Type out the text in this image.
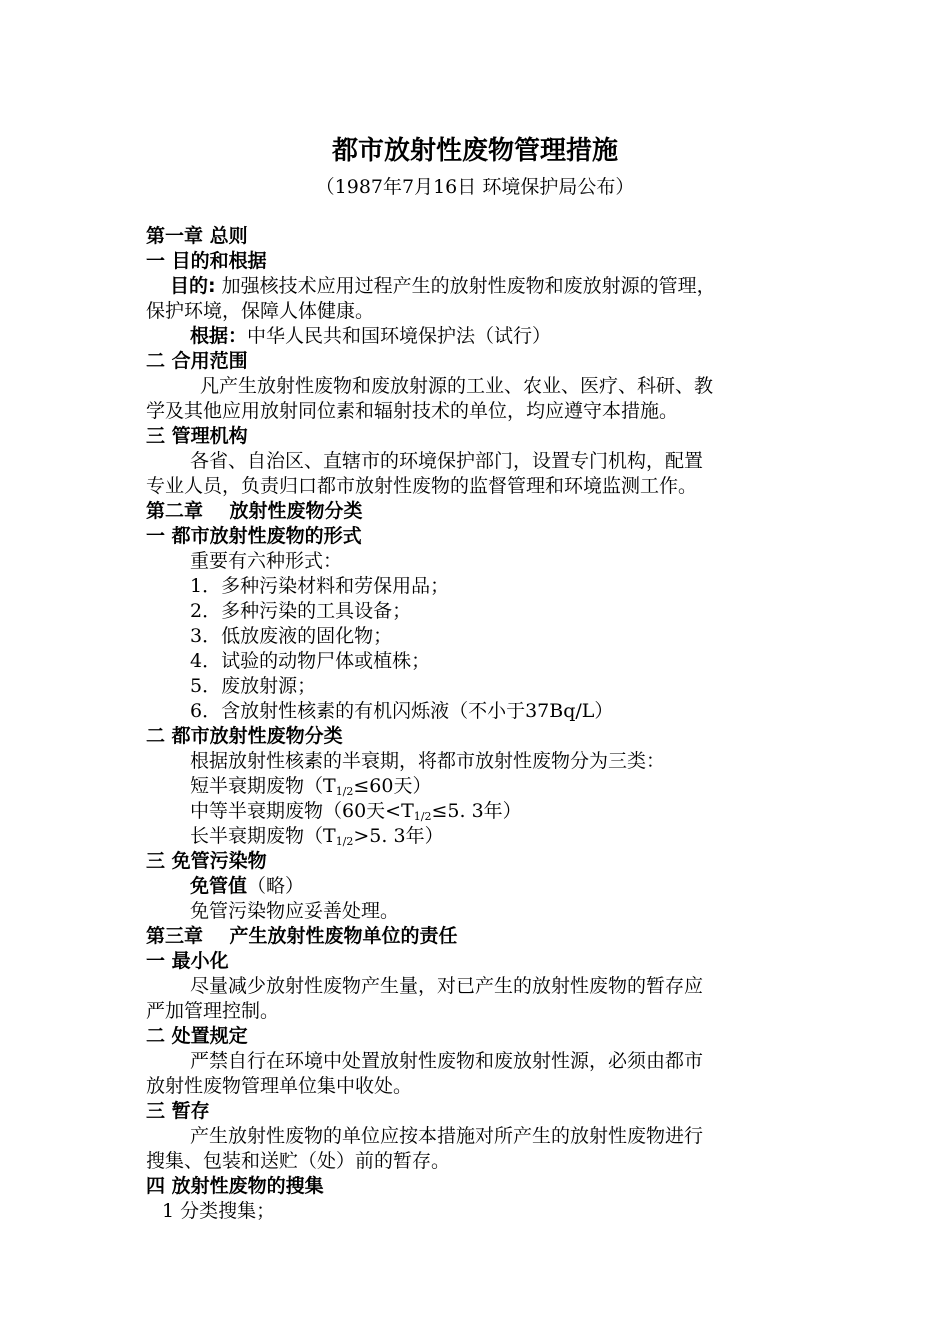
都市放射性废物管理措施
（1987年7月16日 环境保护局公布）
第一章 总则
一 目的和根据
目的: 加强核技术应用过程产生的放射性废物和废放射源的管理，
保护环境，保障人体健康。
根据：中华人民共和国环境保护法（试行）
二 合用范围
凡产生放射性废物和废放射源的工业、农业、医疗、科研、教
学及其他应用放射同位素和辐射技术的单位，均应遵守本措施。
三 管理机构
各省、自治区、直辖市的环境保护部门，设置专门机构，配置
专业人员，负责归口都市放射性废物的监督管理和环境监测工作。
第二章    放射性废物分类
一 都市放射性废物的形式
重要有六种形式：
1．多种污染材料和劳保用品；
2．多种污染的工具设备；
3．低放废液的固化物；
4．试验的动物尸体或植株；
5．废放射源；
6．含放射性核素的有机闪烁液（不小于37Bq/L）
二 都市放射性废物分类
根据放射性核素的半衰期，将都市放射性废物分为三类：
短半衰期废物（$T_{1/2}\le 60$天）
中等半衰期废物（60天$<T_{1/2}\le 5$. 3年）
长半衰期废物（$T_{1/2}>5$. 3年）
三 免管污染物
免管值（略）
免管污染物应妥善处理。
第三章    产生放射性废物单位的责任
一 最小化
尽量减少放射性废物产生量，对已产生的放射性废物的暂存应
严加管理控制。
二 处置规定
严禁自行在环境中处置放射性废物和废放射性源，必须由都市
放射性废物管理单位集中收处。
三 暂存
产生放射性废物的单位应按本措施对所产生的放射性废物进行
搜集、包装和送贮（处）前的暂存。
四 放射性废物的搜集
1 分类搜集；
